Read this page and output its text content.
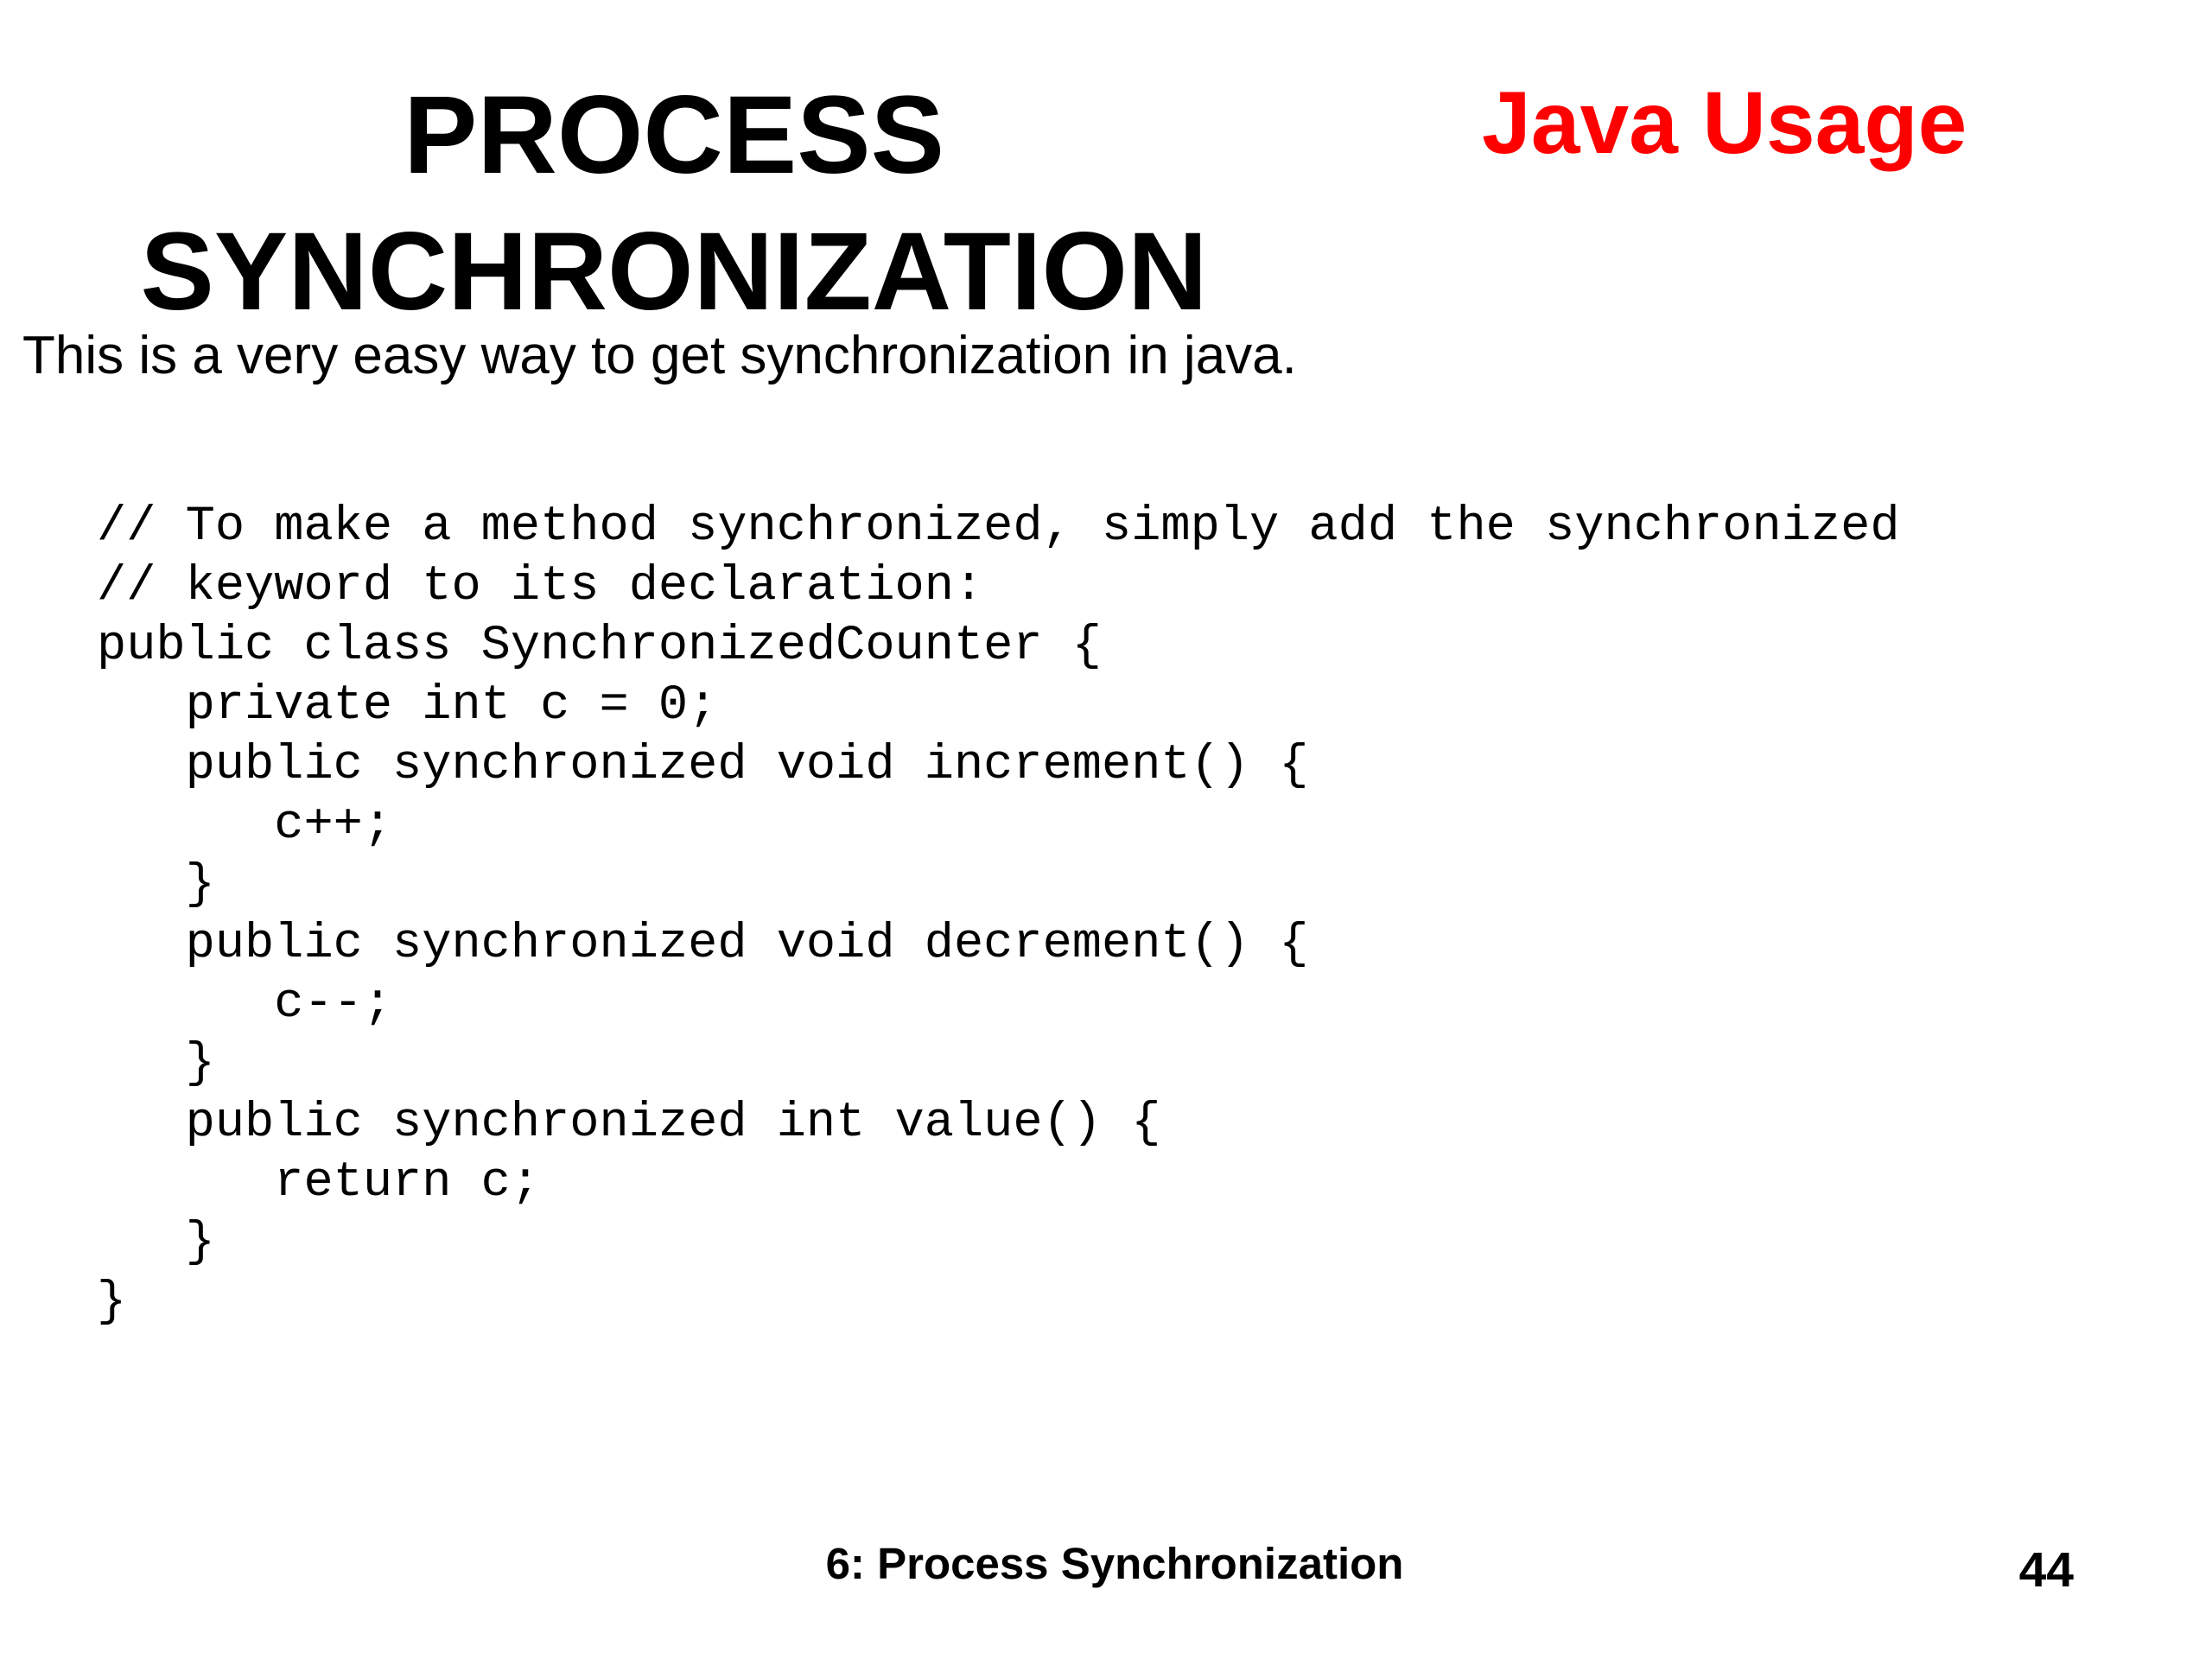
PROCESS
SYNCHRONIZATION
Java Usage
This is a very easy way to get synchronization in java.
// To make a method synchronized, simply add the synchronized
// keyword to its declaration:
public class SynchronizedCounter {
private int c = 0;
public synchronized void increment() {
c++;
}
public synchronized void decrement() {
c--;
}
public synchronized int value() {
return c;
}
}
6: Process Synchronization	44
